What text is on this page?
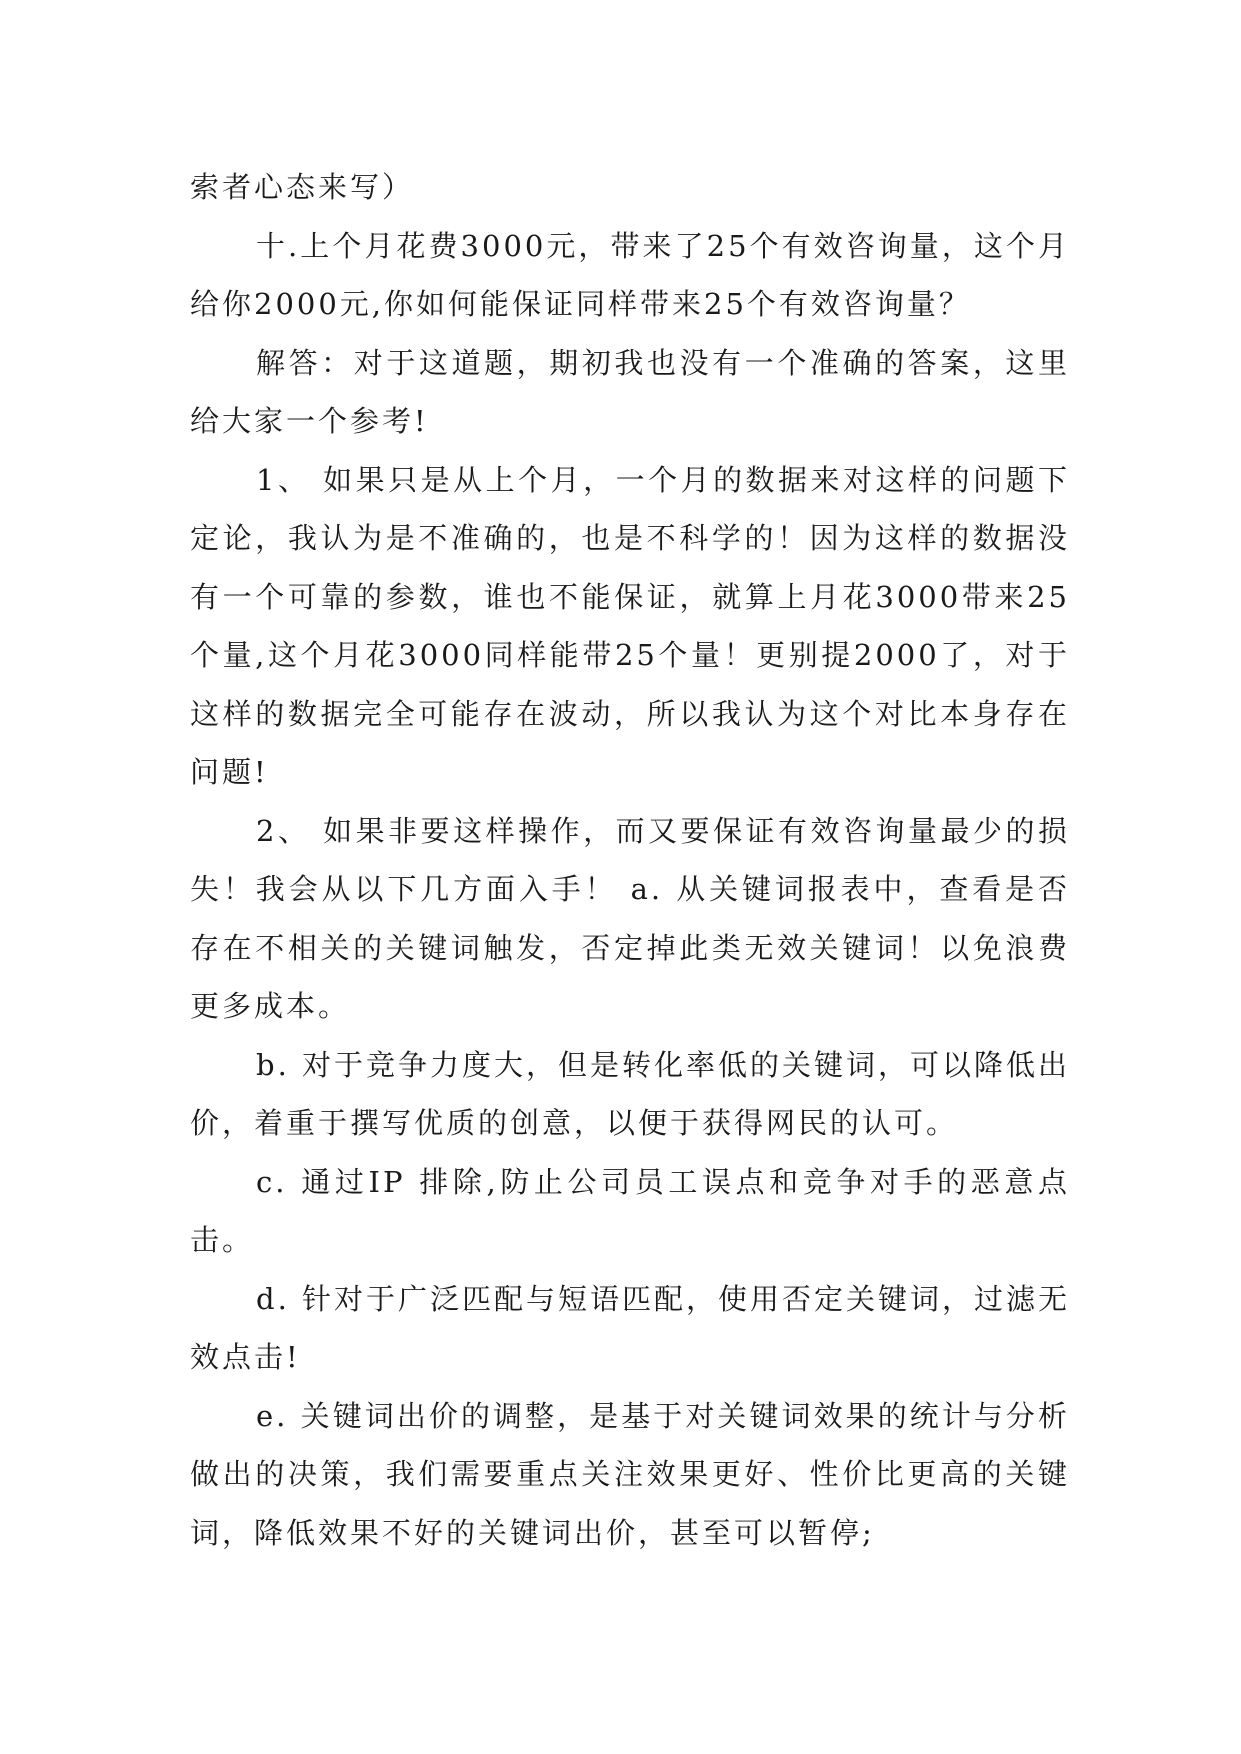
索者心态来写）

十.上个月花费3000元，带来了25个有效咨询量，这个月给你2000元,你如何能保证同样带来25个有效咨询量？

解答：对于这道题，期初我也没有一个准确的答案，这里给大家一个参考!

1、 如果只是从上个月，一个月的数据来对这样的问题下定论，我认为是不准确的，也是不科学的！因为这样的数据没有一个可靠的参数，谁也不能保证，就算上月花3000带来25个量,这个月花3000同样能带25个量！更别提2000了，对于这样的数据完全可能存在波动，所以我认为这个对比本身存在问题!

2、 如果非要这样操作，而又要保证有效咨询量最少的损失！我会从以下几方面入手！ a. 从关键词报表中，查看是否存在不相关的关键词触发，否定掉此类无效关键词！以免浪费更多成本。

b. 对于竞争力度大，但是转化率低的关键词，可以降低出价，着重于撰写优质的创意，以便于获得网民的认可。

c. 通过IP 排除,防止公司员工误点和竞争对手的恶意点击。

d. 针对于广泛匹配与短语匹配，使用否定关键词，过滤无效点击!

e. 关键词出价的调整，是基于对关键词效果的统计与分析做出的决策，我们需要重点关注效果更好、性价比更高的关键词，降低效果不好的关键词出价，甚至可以暂停;
